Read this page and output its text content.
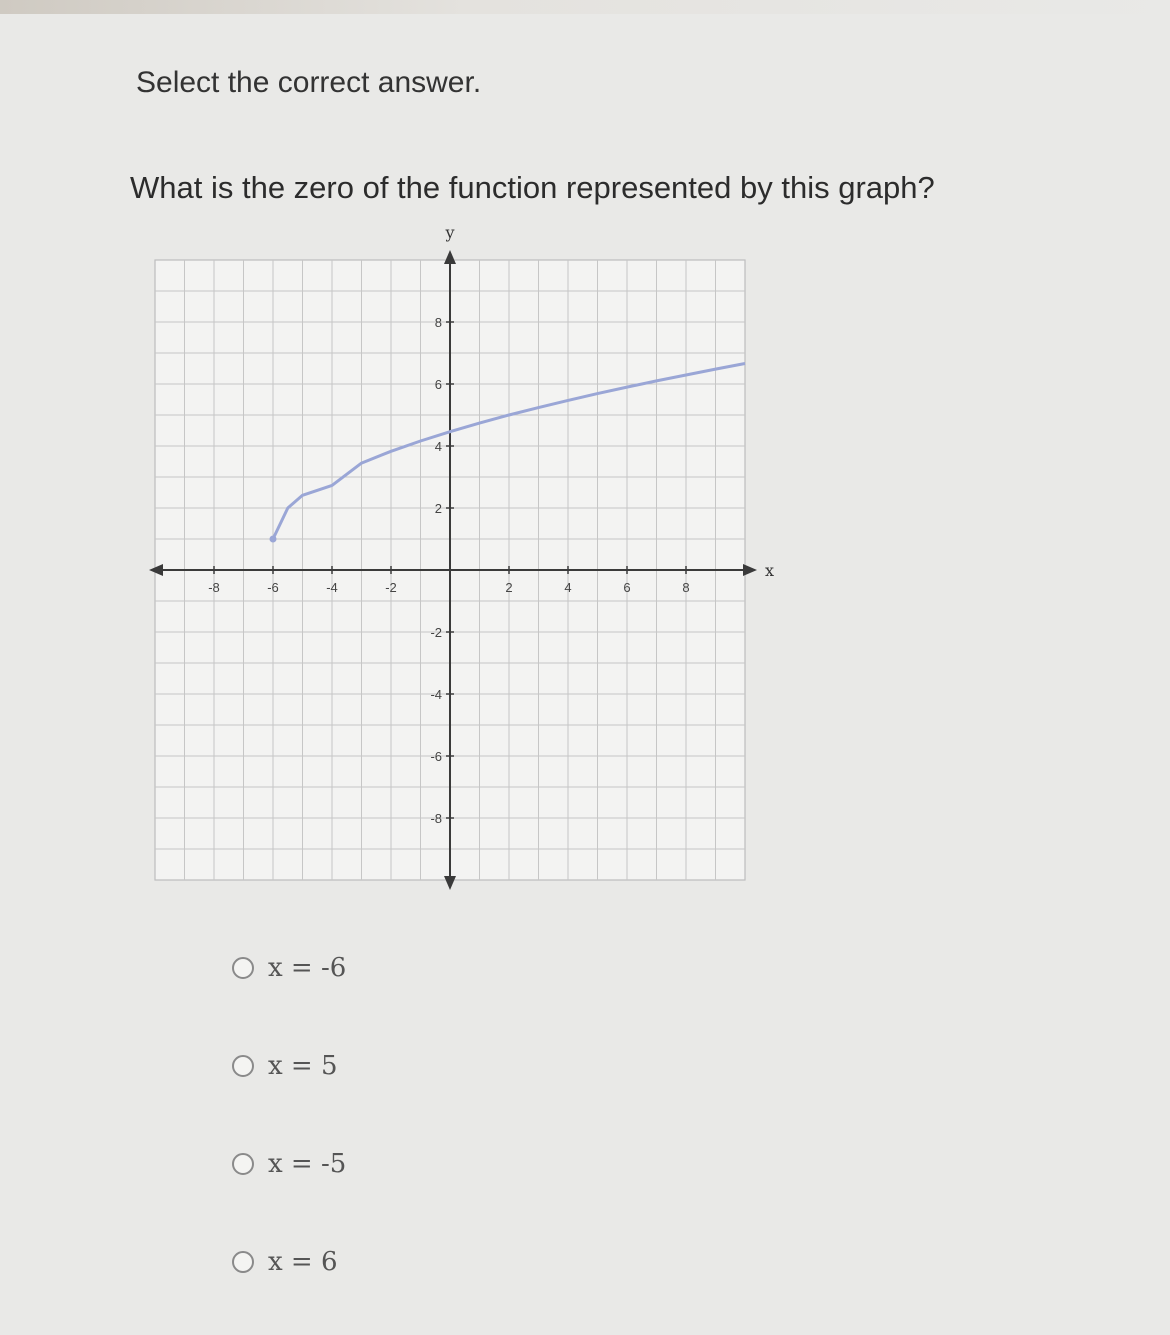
Select the correct answer.
What is the zero of the function represented by this graph?
x
y
-8	-6	-4	-2	2	4	6	8
8
6
4
2
-2
-4
-6
-8
x = -6
x = 5
x = -5
x = 6
